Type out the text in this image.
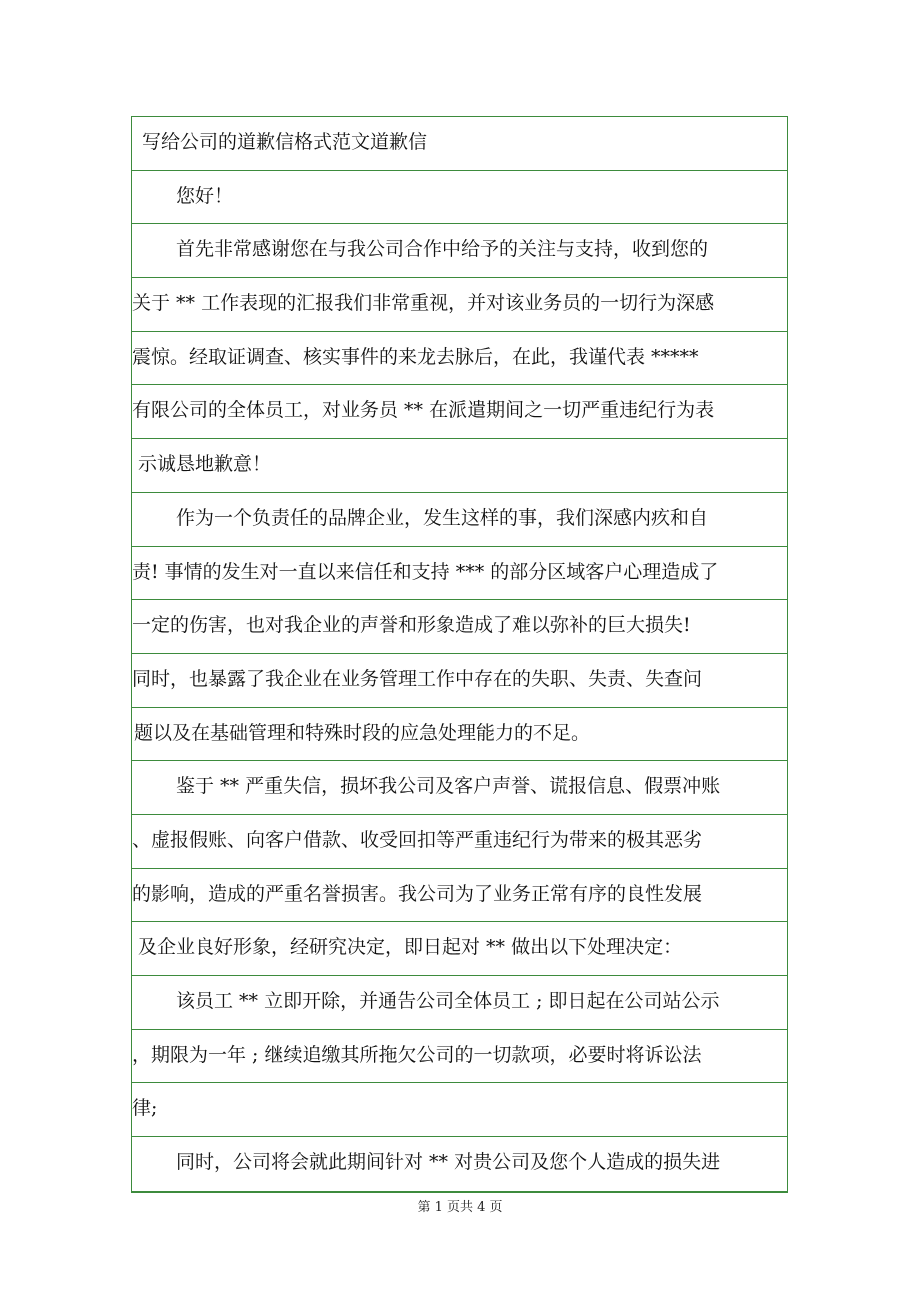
写给公司的道歉信格式范文道歉信
您好！
首先非常感谢您在与我公司合作中给予的关注与支持，收到您的
关于 ** 工作表现的汇报我们非常重视，并对该业务员的一切行为深感
震惊。经取证调查、核实事件的来龙去脉后，在此，我谨代表 *****
有限公司的全体员工，对业务员 ** 在派遣期间之一切严重违纪行为表
示诚恳地歉意！
作为一个负责任的品牌企业，发生这样的事，我们深感内疚和自
责! 事情的发生对一直以来信任和支持 *** 的部分区域客户心理造成了
一定的伤害，也对我企业的声誉和形象造成了难以弥补的巨大损失!
同时，也暴露了我企业在业务管理工作中存在的失职、失责、失查问
题以及在基础管理和特殊时段的应急处理能力的不足。
鉴于 ** 严重失信，损坏我公司及客户声誉、谎报信息、假票冲账
、虚报假账、向客户借款、收受回扣等严重违纪行为带来的极其恶劣
的影响，造成的严重名誉损害。我公司为了业务正常有序的良性发展
及企业良好形象，经研究决定，即日起对 ** 做出以下处理决定：
该员工 ** 立即开除，并通告公司全体员工 ; 即日起在公司站公示
，期限为一年 ; 继续追缴其所拖欠公司的一切款项，必要时将诉讼法
律;
同时，公司将会就此期间针对 ** 对贵公司及您个人造成的损失进
第 1 页共 4 页
